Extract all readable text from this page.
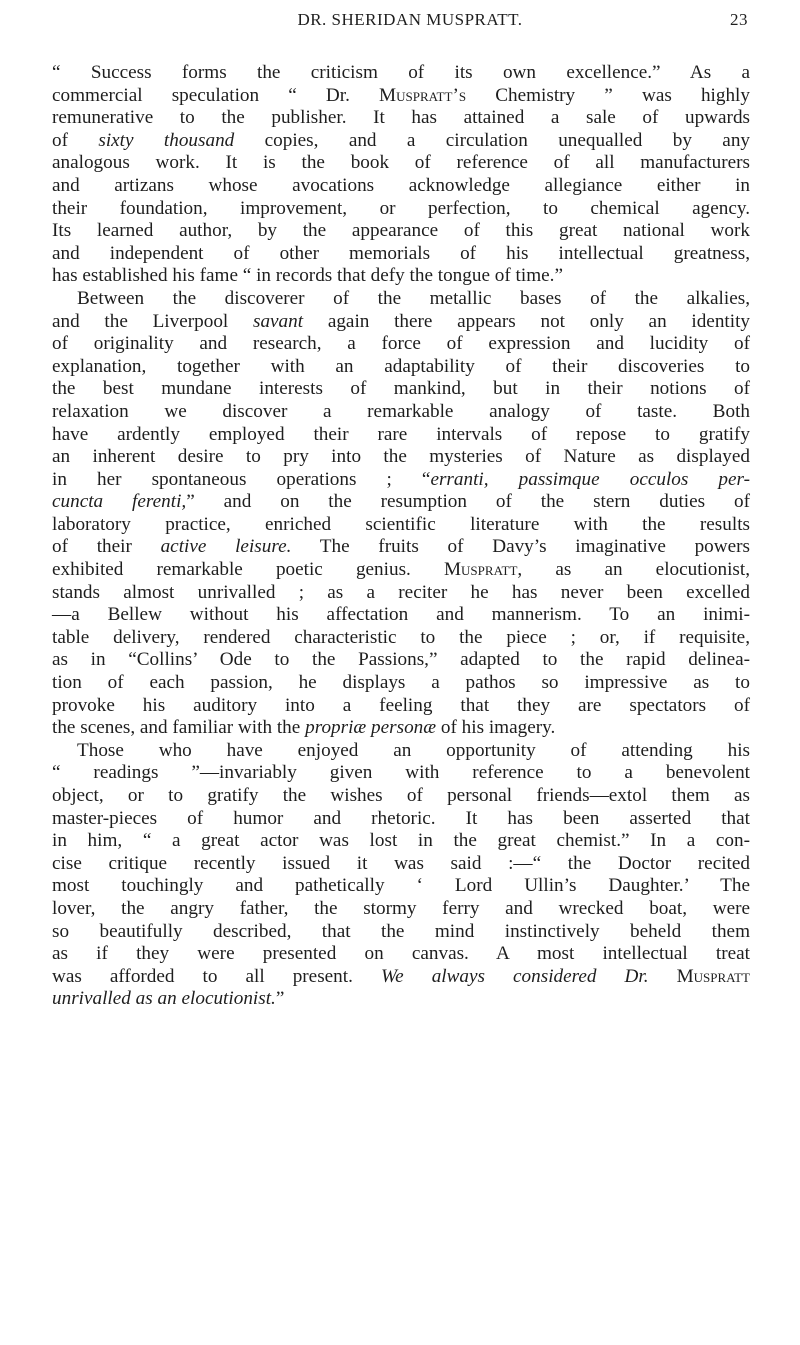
DR. SHERIDAN MUSPRATT.	23
“ Success forms the criticism of its own excellence.” As a
commercial speculation “ Dr. Muspratt’s Chemistry ” was highly
remunerative to the publisher. It has attained a sale of upwards
of sixty thousand copies, and a circulation unequalled by any
analogous work. It is the book of reference of all manufacturers
and artizans whose avocations acknowledge allegiance either in
their foundation, improvement, or perfection, to chemical agency.
Its learned author, by the appearance of this great national work
and independent of other memorials of his intellectual greatness,
has established his fame “ in records that defy the tongue of time.”
Between the discoverer of the metallic bases of the alkalies,
and the Liverpool savant again there appears not only an identity
of originality and research, a force of expression and lucidity of
explanation, together with an adaptability of their discoveries to
the best mundane interests of mankind, but in their notions of
relaxation we discover a remarkable analogy of taste. Both
have ardently employed their rare intervals of repose to gratify
an inherent desire to pry into the mysteries of Nature as displayed
in her spontaneous operations ; “erranti, passimque occulos per-
cuncta ferenti,” and on the resumption of the stern duties of
laboratory practice, enriched scientific literature with the results
of their active leisure. The fruits of Davy’s imaginative powers
exhibited remarkable poetic genius. Muspratt, as an elocutionist,
stands almost unrivalled ; as a reciter he has never been excelled
—a Bellew without his affectation and mannerism. To an inimi-
table delivery, rendered characteristic to the piece ; or, if requisite,
as in “Collins’ Ode to the Passions,” adapted to the rapid delinea-
tion of each passion, he displays a pathos so impressive as to
provoke his auditory into a feeling that they are spectators of
the scenes, and familiar with the propriæ personæ of his imagery.
Those who have enjoyed an opportunity of attending his
“ readings ”—invariably given with reference to a benevolent
object, or to gratify the wishes of personal friends—extol them as
master-pieces of humor and rhetoric. It has been asserted that
in him, “ a great actor was lost in the great chemist.” In a con-
cise critique recently issued it was said :—“ the Doctor recited
most touchingly and pathetically ‘ Lord Ullin’s Daughter.’ The
lover, the angry father, the stormy ferry and wrecked boat, were
so beautifully described, that the mind instinctively beheld them
as if they were presented on canvas. A most intellectual treat
was afforded to all present. We always considered Dr. Muspratt
unrivalled as an elocutionist.”
